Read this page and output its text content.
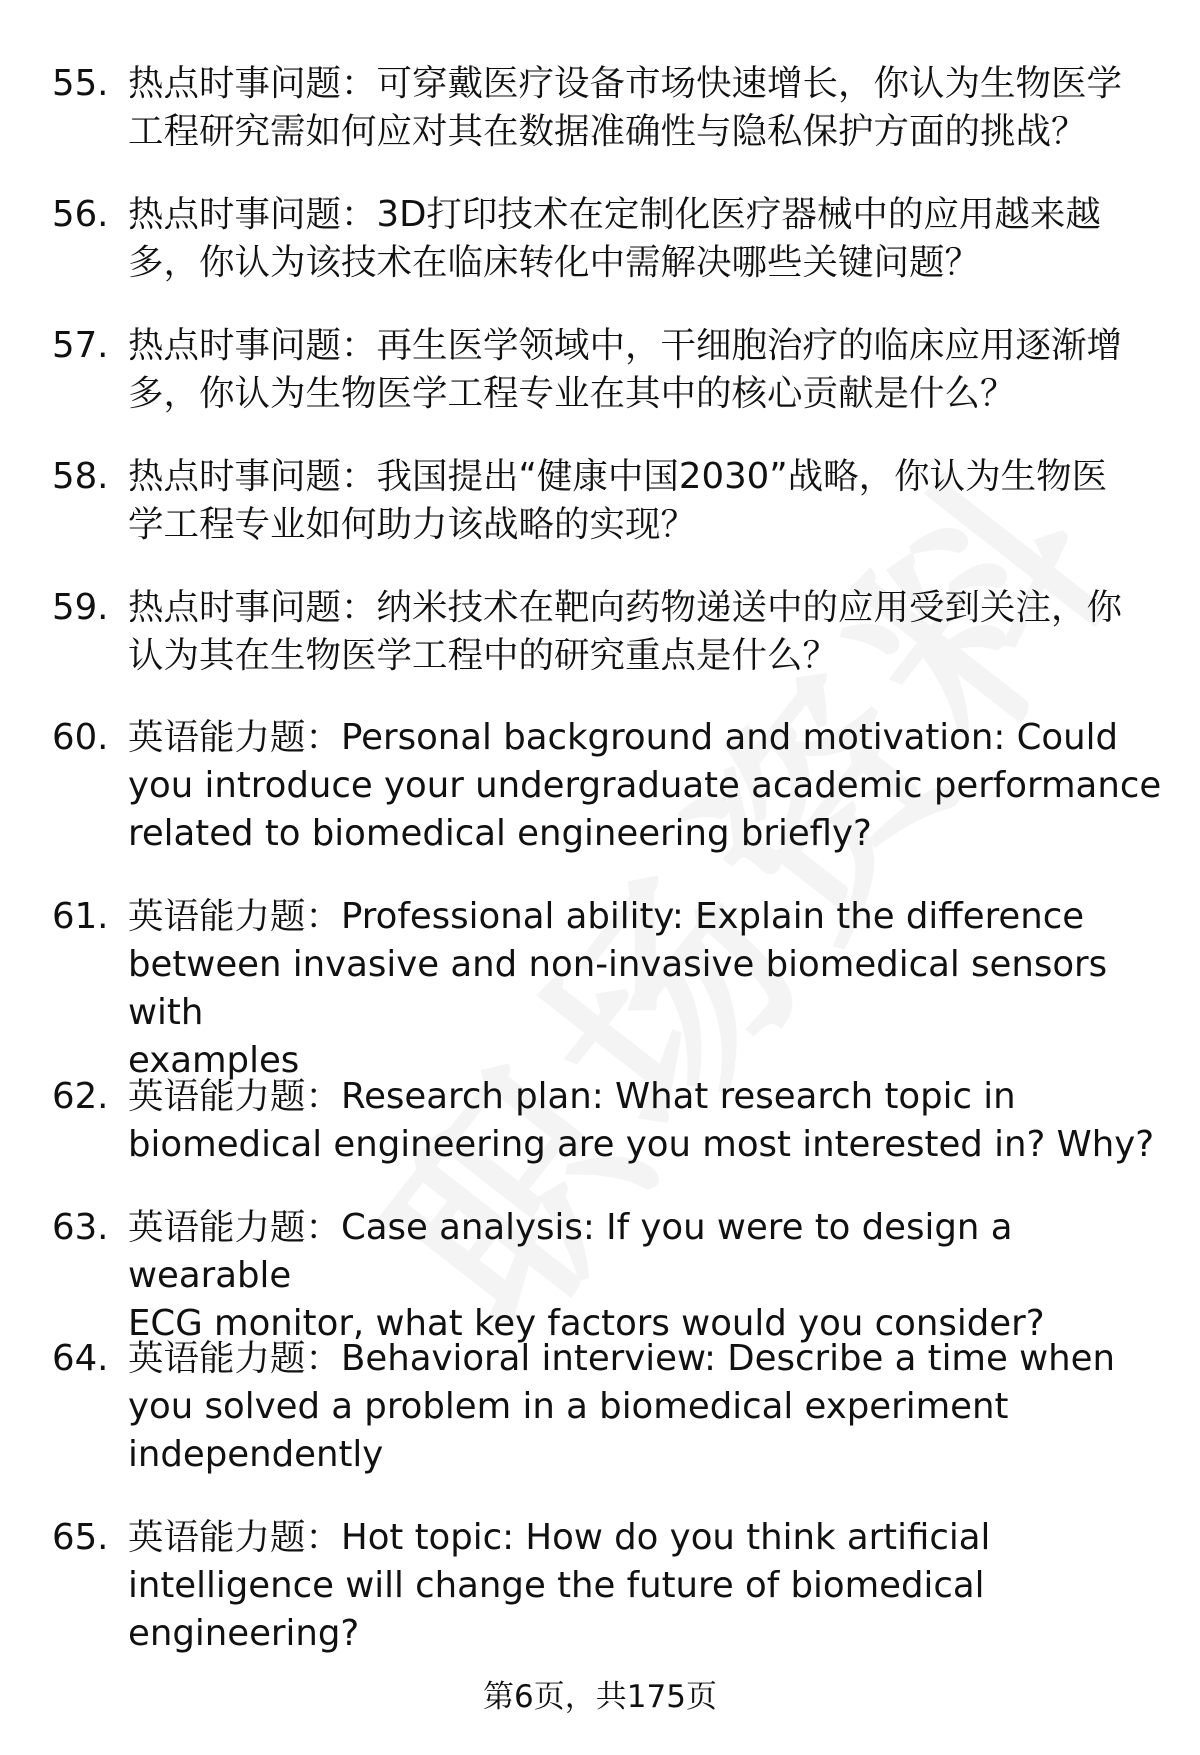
55. 热点时事问题：可穿戴医疗设备市场快速增长，你认为生物医学
工程研究需如何应对其在数据准确性与隐私保护方面的挑战？
56. 热点时事问题：3D打印技术在定制化医疗器械中的应用越来越
多，你认为该技术在临床转化中需解决哪些关键问题？
57. 热点时事问题：再生医学领域中，干细胞治疗的临床应用逐渐增
多，你认为生物医学工程专业在其中的核心贡献是什么？
58. 热点时事问题：我国提出“健康中国2030”战略，你认为生物医
学工程专业如何助力该战略的实现？
59. 热点时事问题：纳米技术在靶向药物递送中的应用受到关注，你
认为其在生物医学工程中的研究重点是什么？
60. 英语能力题：Personal background and motivation: Could
you introduce your undergraduate academic performance
related to biomedical engineering briefly?
61. 英语能力题：Professional ability: Explain the difference
between invasive and non-invasive biomedical sensors with
examples
62. 英语能力题：Research plan: What research topic in
biomedical engineering are you most interested in? Why?
63. 英语能力题：Case analysis: If you were to design a wearable
ECG monitor, what key factors would you consider?
64. 英语能力题：Behavioral interview: Describe a time when
you solved a problem in a biomedical experiment
independently
65. 英语能力题：Hot topic: How do you think artificial
intelligence will change the future of biomedical
engineering?
第6页，共175页
